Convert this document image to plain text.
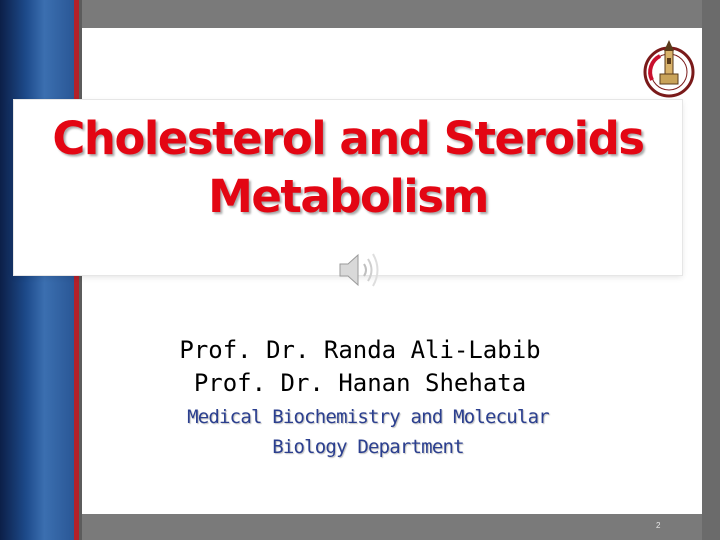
Cholesterol and Steroids
Metabolism
Prof. Dr. Randa Ali-Labib
Prof. Dr. Hanan Shehata
Medical Biochemistry and Molecular
Biology Department
2
